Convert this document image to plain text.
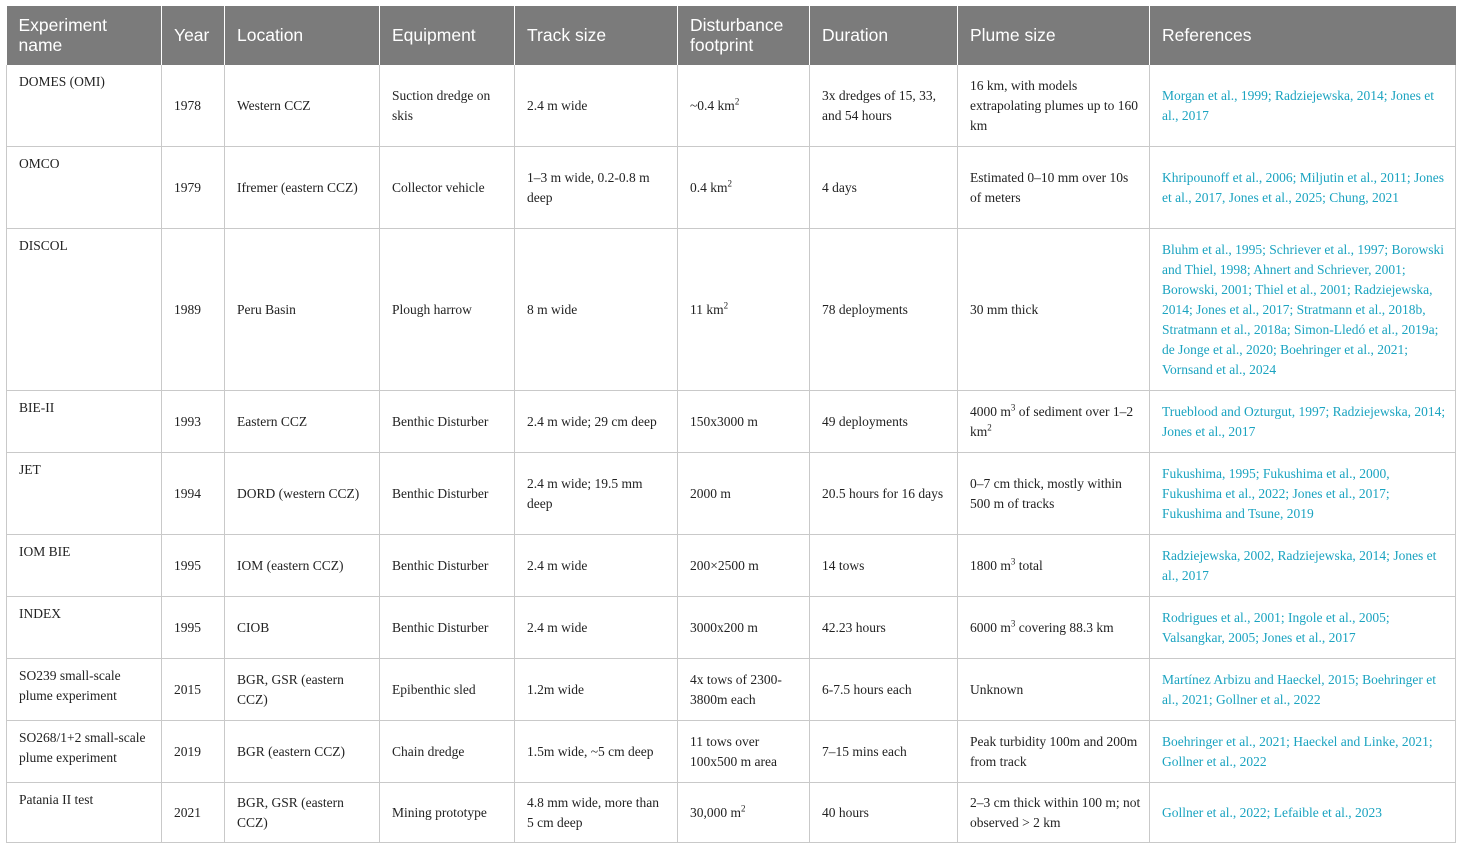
Experiment name	Year	Location	Equipment	Track size	Disturbance footprint	Duration	Plume size	References
DOMES (OMI)	1978	Western CCZ	Suction dredge on skis	2.4 m wide	~0.4 $km^2$	3x dredges of 15, 33, and 54 hours	16 km, with models extrapolating plumes up to 160 km	Morgan et al., 1999; Radziejewska, 2014; Jones et al., 2017
OMCO	1979	Ifremer (eastern CCZ)	Collector vehicle	1–3 m wide, 0.2-0.8 m deep	0.4 $km^2$	4 days	Estimated 0–10 mm over 10s of meters	Khripounoff et al., 2006; Miljutin et al., 2011; Jones et al., 2017, Jones et al., 2025; Chung, 2021
DISCOL	1989	Peru Basin	Plough harrow	8 m wide	11 $km^2$	78 deployments	30 mm thick	Bluhm et al., 1995; Schriever et al., 1997; Borowski and Thiel, 1998; Ahnert and Schriever, 2001; Borowski, 2001; Thiel et al., 2001; Radziejewska, 2014; Jones et al., 2017; Stratmann et al., 2018b, Stratmann et al., 2018a; Simon-Lledó et al., 2019a; de Jonge et al., 2020; Boehringer et al., 2021; Vornsand et al., 2024
BIE-II	1993	Eastern CCZ	Benthic Disturber	2.4 m wide; 29 cm deep	150x3000 m	49 deployments	4000 $m^3$ of sediment over 1–2 $km^2$	Trueblood and Ozturgut, 1997; Radziejewska, 2014; Jones et al., 2017
JET	1994	DORD (western CCZ)	Benthic Disturber	2.4 m wide; 19.5 mm deep	2000 m	20.5 hours for 16 days	0–7 cm thick, mostly within 500 m of tracks	Fukushima, 1995; Fukushima et al., 2000, Fukushima et al., 2022; Jones et al., 2017; Fukushima and Tsune, 2019
IOM BIE	1995	IOM (eastern CCZ)	Benthic Disturber	2.4 m wide	200×2500 m	14 tows	1800 $m^3$ total	Radziejewska, 2002, Radziejewska, 2014; Jones et al., 2017
INDEX	1995	CIOB	Benthic Disturber	2.4 m wide	3000x200 m	42.23 hours	6000 $m^3$ covering 88.3 km	Rodrigues et al., 2001; Ingole et al., 2005; Valsangkar, 2005; Jones et al., 2017
SO239 small-scale plume experiment	2015	BGR, GSR (eastern CCZ)	Epibenthic sled	1.2m wide	4x tows of 2300-3800m each	6-7.5 hours each	Unknown	Martínez Arbizu and Haeckel, 2015; Boehringer et al., 2021; Gollner et al., 2022
SO268/1+2 small-scale plume experiment	2019	BGR (eastern CCZ)	Chain dredge	1.5m wide, ~5 cm deep	11 tows over 100x500 m area	7–15 mins each	Peak turbidity 100m and 200m from track	Boehringer et al., 2021; Haeckel and Linke, 2021; Gollner et al., 2022
Patania II test	2021	BGR, GSR (eastern CCZ)	Mining prototype	4.8 mm wide, more than 5 cm deep	30,000 $m^2$	40 hours	2–3 cm thick within 100 m; not observed > 2 km	Gollner et al., 2022; Lefaible et al., 2023
